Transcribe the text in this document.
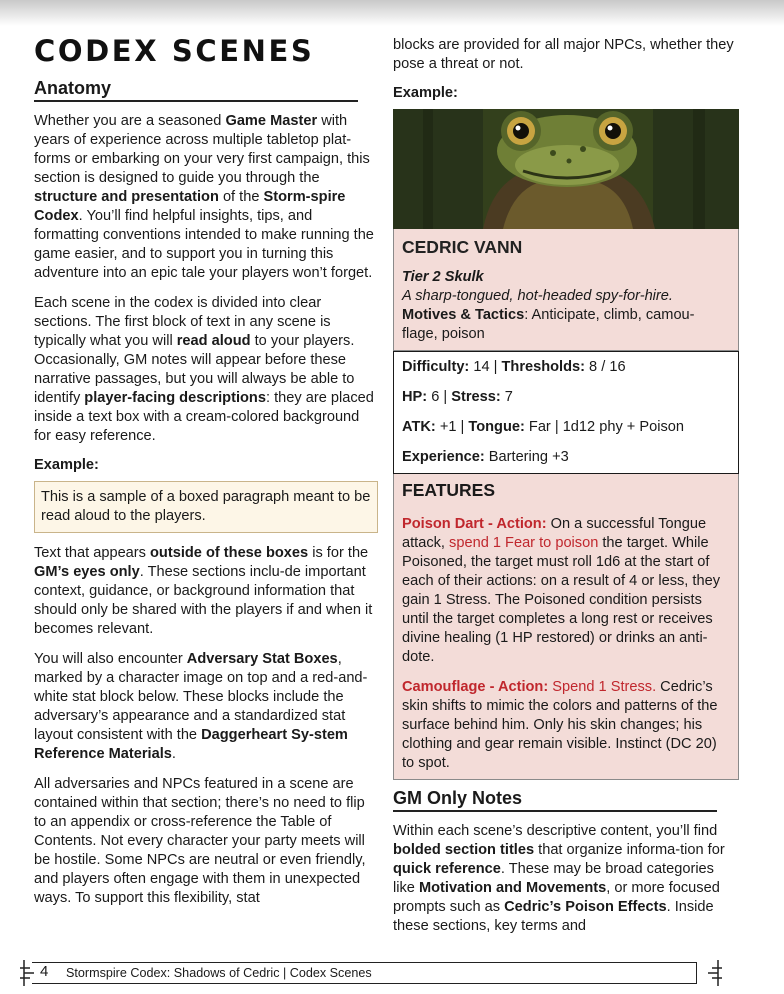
CODEX SCENES
Anatomy

Whether you are a seasoned Game Master with years of experience across multiple tabletop plat-forms or embarking on your very first campaign, this section is designed to guide you through the structure and presentation of the Storm-spire Codex. You’ll find helpful insights, tips, and formatting conventions intended to make running the game easier, and to support you in turning this adventure into an epic tale your players won’t forget.

Each scene in the codex is divided into clear sections. The first block of text in any scene is typically what you will read aloud to your players. Occasionally, GM notes will appear before these narrative passages, but you will always be able to identify player-facing descriptions: they are placed inside a text box with a cream-colored background for easy reference.

Example:
This is a sample of a boxed paragraph meant to be read aloud to the players.

Text that appears outside of these boxes is for the GM’s eyes only. These sections inclu-de important context, guidance, or background information that should only be shared with the players if and when it becomes relevant.

You will also encounter Adversary Stat Boxes, marked by a character image on top and a red-and-white stat block below. These blocks include the adversary’s appearance and a standardized stat layout consistent with the Daggerheart Sy-stem Reference Materials.

All adversaries and NPCs featured in a scene are contained within that section; there’s no need to flip to an appendix or cross-reference the Table of Contents. Not every character your party meets will be hostile. Some NPCs are neutral or even friendly, and players often engage with them in unexpected ways. To support this flexibility, stat

blocks are provided for all major NPCs, whether they pose a threat or not.

Example:
CEDRIC VANN
Tier 2 Skulk
A sharp-tongued, hot-headed spy-for-hire.
Motives & Tactics: Anticipate, climb, camou-flage, poison
Difficulty: 14 | Thresholds: 8 / 16
HP: 6 | Stress: 7
ATK: +1 | Tongue: Far | 1d12 phy + Poison
Experience: Bartering +3
FEATURES
Poison Dart - Action: On a successful Tongue attack, spend 1 Fear to poison the target. While Poisoned, the target must roll 1d6 at the start of each of their actions: on a result of 4 or less, they gain 1 Stress. The Poisoned condition persists until the target completes a long rest or receives divine healing (1 HP restored) or drinks an anti-dote.
Camouflage - Action: Spend 1 Stress. Cedric’s skin shifts to mimic the colors and patterns of the surface behind him. Only his skin changes; his clothing and gear remain visible. Instinct (DC 20) to spot.
GM Only Notes

Within each scene’s descriptive content, you’ll find bolded section titles that organize informa-tion for quick reference. These may be broad categories like Motivation and Movements, or more focused prompts such as Cedric’s Poison Effects. Inside these sections, key terms and

4 Stormspire Codex: Shadows of Cedric | Codex Scenes
